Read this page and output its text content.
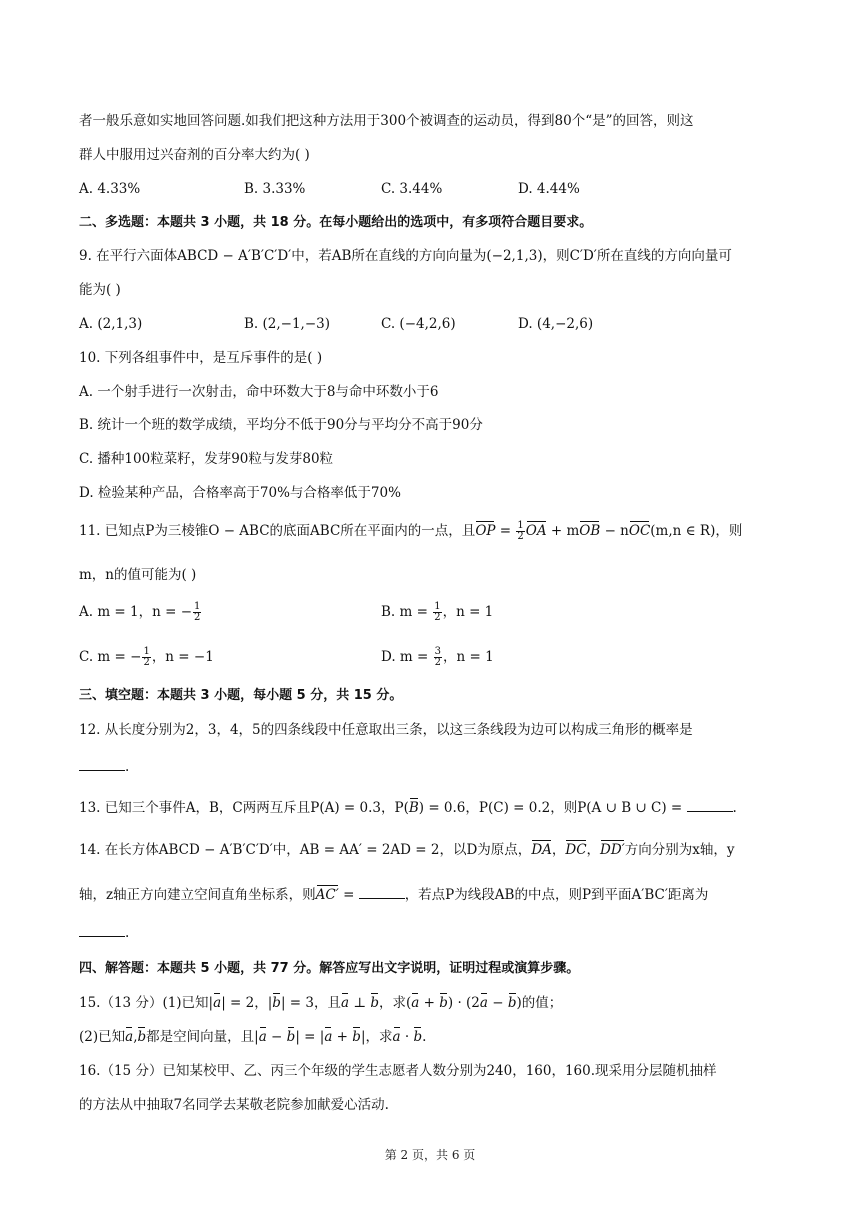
者一般乐意如实地回答问题.如我们把这种方法用于300个被调查的运动员，得到80个“是”的回答，则这
群人中服用过兴奋剂的百分率大约为( )
A. 4.33%	B. 3.33%	C. 3.44%	D. 4.44%
二、多选题：本题共 3 小题，共 18 分。在每小题给出的选项中，有多项符合题目要求。
9. 在平行六面体ABCD − A′B′C′D′中，若AB所在直线的方向向量为(−2,1,3)，则C′D′所在直线的方向向量可
能为( )
A. (2,1,3)	B. (2,−1,−3)	C. (−4,2,6)	D. (4,−2,6)
10. 下列各组事件中，是互斥事件的是( )
A. 一个射手进行一次射击，命中环数大于8与命中环数小于6
B. 统计一个班的数学成绩，平均分不低于90分与平均分不高于90分
C. 播种100粒菜籽，发芽90粒与发芽80粒
D. 检验某种产品，合格率高于70%与合格率低于70%
11. 已知点P为三棱锥O − ABC的底面ABC所在平面内的一点，且OP = $\frac{1}{2}$ OA + mOB − nOC(m,n ∈ R)，则
m，n的值可能为( )
A. m = 1，n = − $\frac{1}{2}$	B. $m = \frac{1}{2}$ ，n = 1
C. m = − $\frac{1}{2}$ ，n = −1	D. $m = \frac{3}{2}$ ，n = 1
三、填空题：本题共 3 小题，每小题 5 分，共 15 分。
12. 从长度分别为2，3，4，5的四条线段中任意取出三条，以这三条线段为边可以构成三角形的概率是
.
13. 已知三个事件A，B，C两两互斥且P(A) = 0.3，P(B) = 0.6，P(C) = 0.2，则P(A ∪ B ∪ C) =	.
14. 在长方体ABCD − A′B′C′D′中，AB = AA′ = 2AD = 2，以D为原点，DA，DC，DD′方向分别为x轴，y
轴，z轴正方向建立空间直角坐标系，则AC′ =	，若点P为线段AB的中点，则P到平面A′BC′距离为
.
四、解答题：本题共 5 小题，共 77 分。解答应写出文字说明，证明过程或演算步骤。
15.（13 分）(1)已知|a| = 2，|b| = 3，且a ⊥ b，求(a + b) · (2a − b)的值；
(2)已知a,b都是空间向量，且|a − b| = |a + b|，求a · b.
16.（15 分）已知某校甲、乙、丙三个年级的学生志愿者人数分别为240，160，160.现采用分层随机抽样
的方法从中抽取7名同学去某敬老院参加献爱心活动.
第 2 页，共 6 页
